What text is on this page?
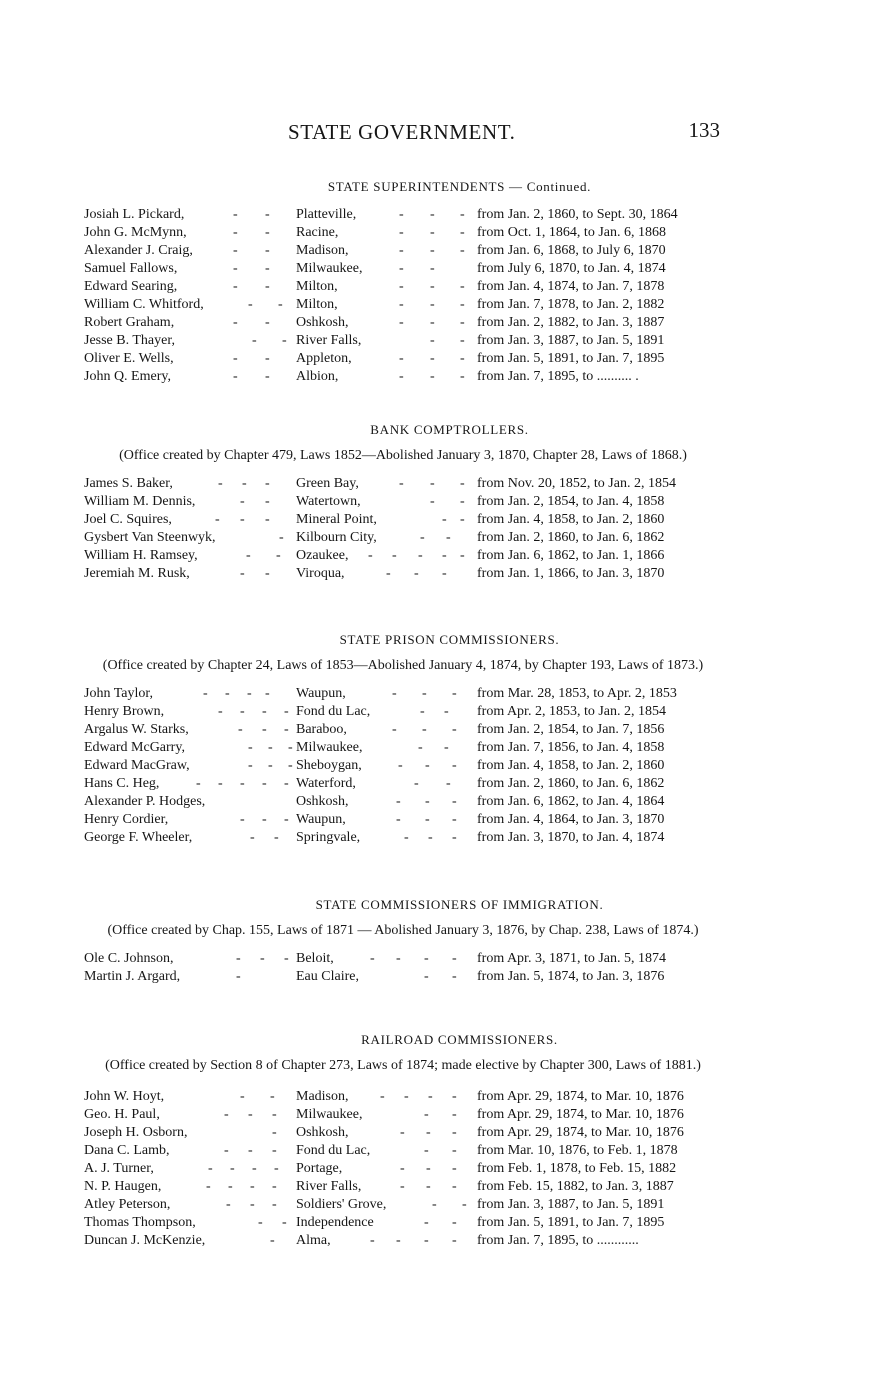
STATE GOVERNMENT.	133
STATE SUPERINTENDENTS — Continued.
Josiah L. Pickard,	- - Platteville,	- - - from Jan. 2, 1860, to Sept. 30, 1864
John G. McMynn,	- - Racine,	- - - from Oct. 1, 1864, to Jan. 6, 1868
Alexander J. Craig,	- - Madison,	- - - from Jan. 6, 1868, to July 6, 1870
Samuel Fallows,	- - Milwaukee,	- -	from July 6, 1870, to Jan. 4, 1874
Edward Searing,	- - Milton,	- - - from Jan. 4, 1874, to Jan. 7, 1878
William C. Whitford,	- - Milton,	- - - from Jan. 7, 1878, to Jan. 2, 1882
Robert Graham,	- - Oshkosh,	- - - from Jan. 2, 1882, to Jan. 3, 1887
Jesse B. Thayer,	- - River Falls,	- - from Jan. 3, 1887, to Jan. 5, 1891
Oliver E. Wells,	- - Appleton,	- - - from Jan. 5, 1891, to Jan. 7, 1895
John Q. Emery,	- - Albion,	- - - from Jan. 7, 1895, to .......... .
BANK COMPTROLLERS.
(Office created by Chapter 479, Laws 1852—Abolished January 3, 1870, Chapter 28, Laws of 1868.)
James S. Baker,	- - - Green Bay,	- - - from Nov. 20, 1852, to Jan. 2, 1854
William M. Dennis,	- - Watertown,	- - from Jan. 2, 1854, to Jan. 4, 1858
Joel C. Squires,	- - - Mineral Point,	- - from Jan. 4, 1858, to Jan. 2, 1860
Gysbert Van Steenwyk,	- Kilbourn City,	- - from Jan. 2, 1860, to Jan. 6, 1862
William H. Ramsey,	- - Ozaukee, - - - - - from Jan. 6, 1862, to Jan. 1, 1866
Jeremiah M. Rusk,	- - Viroqua,	- - - from Jan. 1, 1866, to Jan. 3, 1870
STATE PRISON COMMISSIONERS.
(Office created by Chapter 24, Laws of 1853—Abolished January 4, 1874, by Chapter 193, Laws of 1873.)
John Taylor,	- - - - Waupun,	- - - from Mar. 28, 1853, to Apr. 2, 1853
Henry Brown,	- - - - Fond du Lac,	- - from Apr. 2, 1853, to Jan. 2, 1854
Argalus W. Starks,	- - - Baraboo,	- - - from Jan. 2, 1854, to Jan. 7, 1856
Edward McGarry,	- - - Milwaukee,	- - from Jan. 7, 1856, to Jan. 4, 1858
Edward MacGraw,	- - - Sheboygan,	- - - from Jan. 4, 1858, to Jan. 2, 1860
Hans C. Heg,	- - - - - Waterford,	- - from Jan. 2, 1860, to Jan. 6, 1862
Alexander P. Hodges,	Oshkosh,	- - - from Jan. 6, 1862, to Jan. 4, 1864
Henry Cordier,	- - - Waupun,	- - - from Jan. 4, 1864, to Jan. 3, 1870
George F. Wheeler,	- - Springvale,	- - - from Jan. 3, 1870, to Jan. 4, 1874
STATE COMMISSIONERS OF IMMIGRATION.
(Office created by Chap. 155, Laws of 1871 — Abolished January 3, 1876, by Chap. 238, Laws of 1874.)
Ole C. Johnson,	- - - Beloit,	- - - - from Apr. 3, 1871, to Jan. 5, 1874
Martin J. Argard,	-	Eau Claire,	- - from Jan. 5, 1874, to Jan. 3, 1876
RAILROAD COMMISSIONERS.
(Office created by Section 8 of Chapter 273, Laws of 1874; made elective by Chapter 300, Laws of 1881.)
John W. Hoyt,	- - Madison, - - - - from Apr. 29, 1874, to Mar. 10, 1876
Geo. H. Paul,	- - - Milwaukee,	- - from Apr. 29, 1874, to Mar. 10, 1876
Joseph H. Osborn,	- Oshkosh,	- - - from Apr. 29, 1874, to Mar. 10, 1876
Dana C. Lamb,	- - - Fond du Lac,	- - from Mar. 10, 1876, to Feb. 1, 1878
A. J. Turner,	- - - - Portage,	- - - from Feb. 1, 1878, to Feb. 15, 1882
N. P. Haugen,	- - - - River Falls,	- - - from Feb. 15, 1882, to Jan. 3, 1887
Atley Peterson,	- - - Soldiers' Grove,	- - from Jan. 3, 1887, to Jan. 5, 1891
Thomas Thompson,	- - Independence	- - from Jan. 5, 1891, to Jan. 7, 1895
Duncan J. McKenzie,	- Alma,	- - - - from Jan. 7, 1895, to ............
